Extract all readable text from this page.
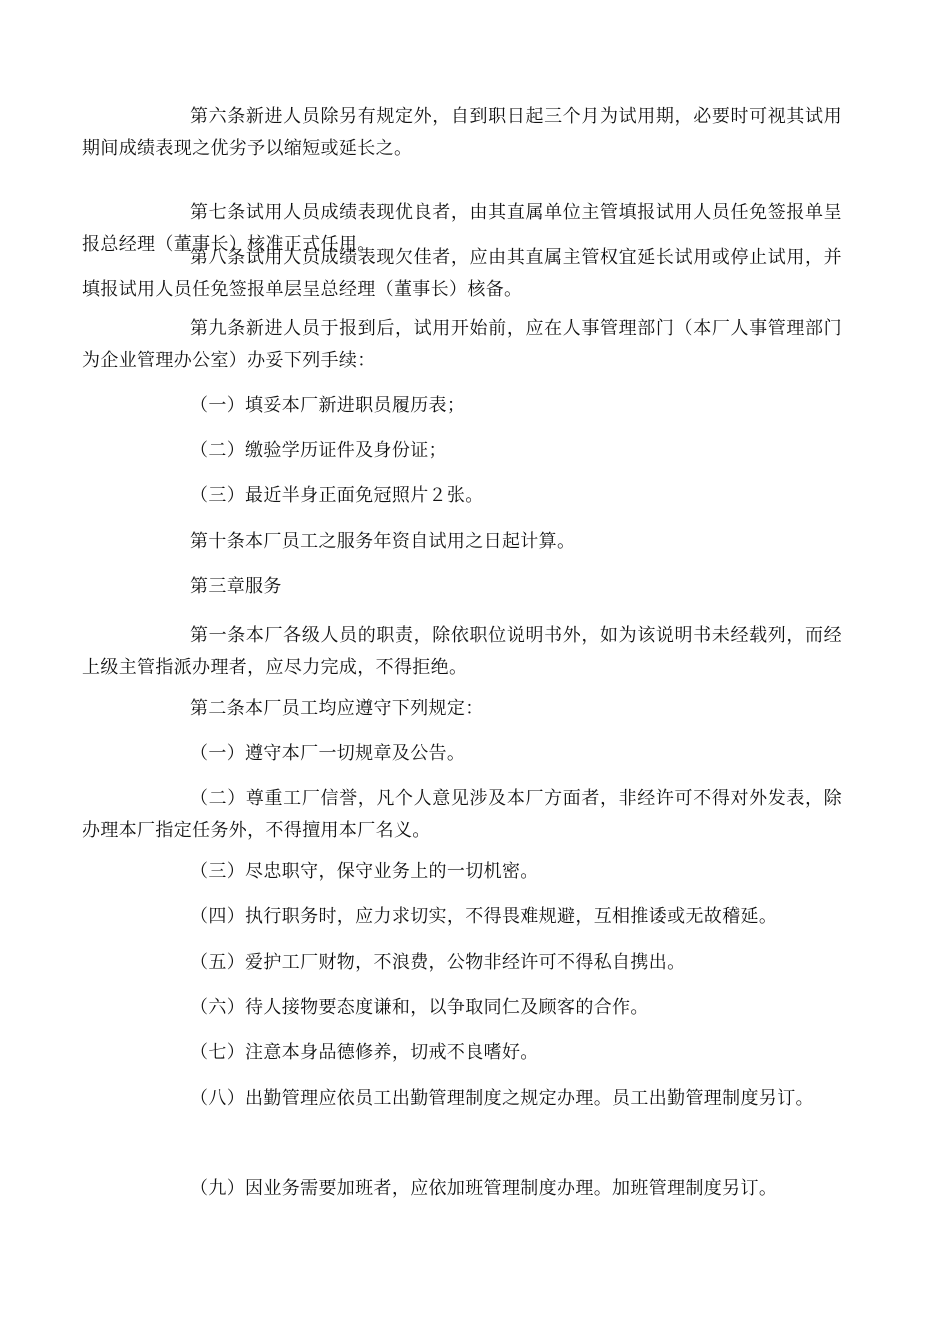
第六条新进人员除另有规定外，自到职日起三个月为试用期，必要时可视其试用期间成绩表现之优劣予以缩短或延长之。

第七条试用人员成绩表现优良者，由其直属单位主管填报试用人员任免签报单呈报总经理（董事长）核准正式任用。

第八条试用人员成绩表现欠佳者，应由其直属主管权宜延长试用或停止试用，并填报试用人员任免签报单层呈总经理（董事长）核备。

第九条新进人员于报到后，试用开始前，应在人事管理部门（本厂人事管理部门为企业管理办公室）办妥下列手续：

（一）填妥本厂新进职员履历表；

（二）缴验学历证件及身份证；

（三）最近半身正面免冠照片２张。

第十条本厂员工之服务年资自试用之日起计算。

第三章服务

第一条本厂各级人员的职责，除依职位说明书外，如为该说明书未经载列，而经上级主管指派办理者，应尽力完成，不得拒绝。

第二条本厂员工均应遵守下列规定：

（一）遵守本厂一切规章及公告。

（二）尊重工厂信誉，凡个人意见涉及本厂方面者，非经许可不得对外发表，除办理本厂指定任务外，不得擅用本厂名义。

（三）尽忠职守，保守业务上的一切机密。

（四）执行职务时，应力求切实，不得畏难规避，互相推诿或无故稽延。

（五）爱护工厂财物，不浪费，公物非经许可不得私自携出。

（六）待人接物要态度谦和，以争取同仁及顾客的合作。

（七）注意本身品德修养，切戒不良嗜好。

（八）出勤管理应依员工出勤管理制度之规定办理。员工出勤管理制度另订。

（九）因业务需要加班者，应依加班管理制度办理。加班管理制度另订。
